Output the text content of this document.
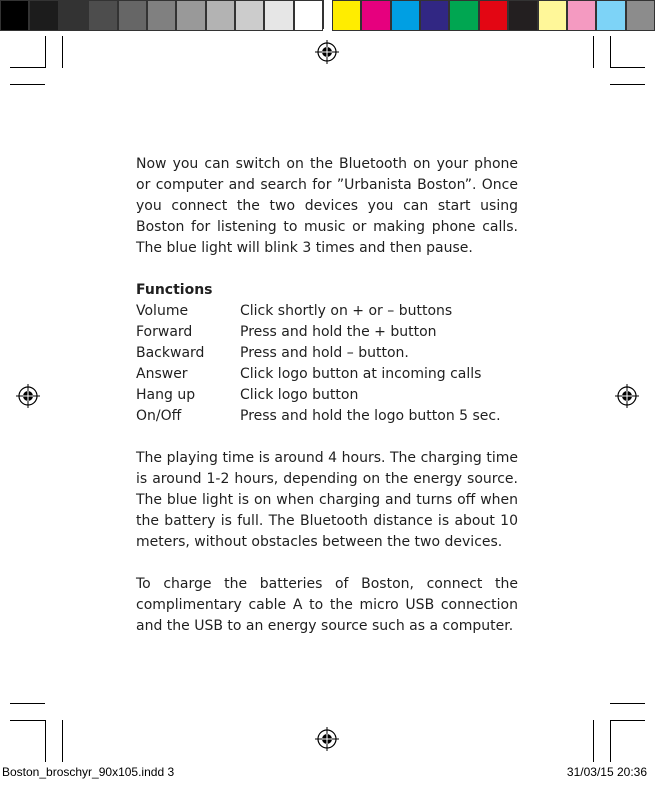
Now you can switch on the Bluetooth on your phone or computer and search for ”Urbanista Boston”. Once you connect the two devices you can start using Boston for listening to music or making phone calls. The blue light will blink 3 times and then pause.

Functions
Volume	Click shortly on + or – buttons
Forward	Press and hold the + button
Backward	Press and hold – button.
Answer	Click logo button at incoming calls
Hang up	Click logo button
On/Off	Press and hold the logo button 5 sec.

The playing time is around 4 hours. The charging time is around 1-2 hours, depending on the energy source. The blue light is on when charging and turns off when the battery is full. The Bluetooth distance is about 10 meters, without obstacles between the two devices.

To charge the batteries of Boston, connect the complimentary cable A to the micro USB connection and the USB to an energy source such as a computer.

Boston_broschyr_90x105.indd 3	31/03/15 20:36
